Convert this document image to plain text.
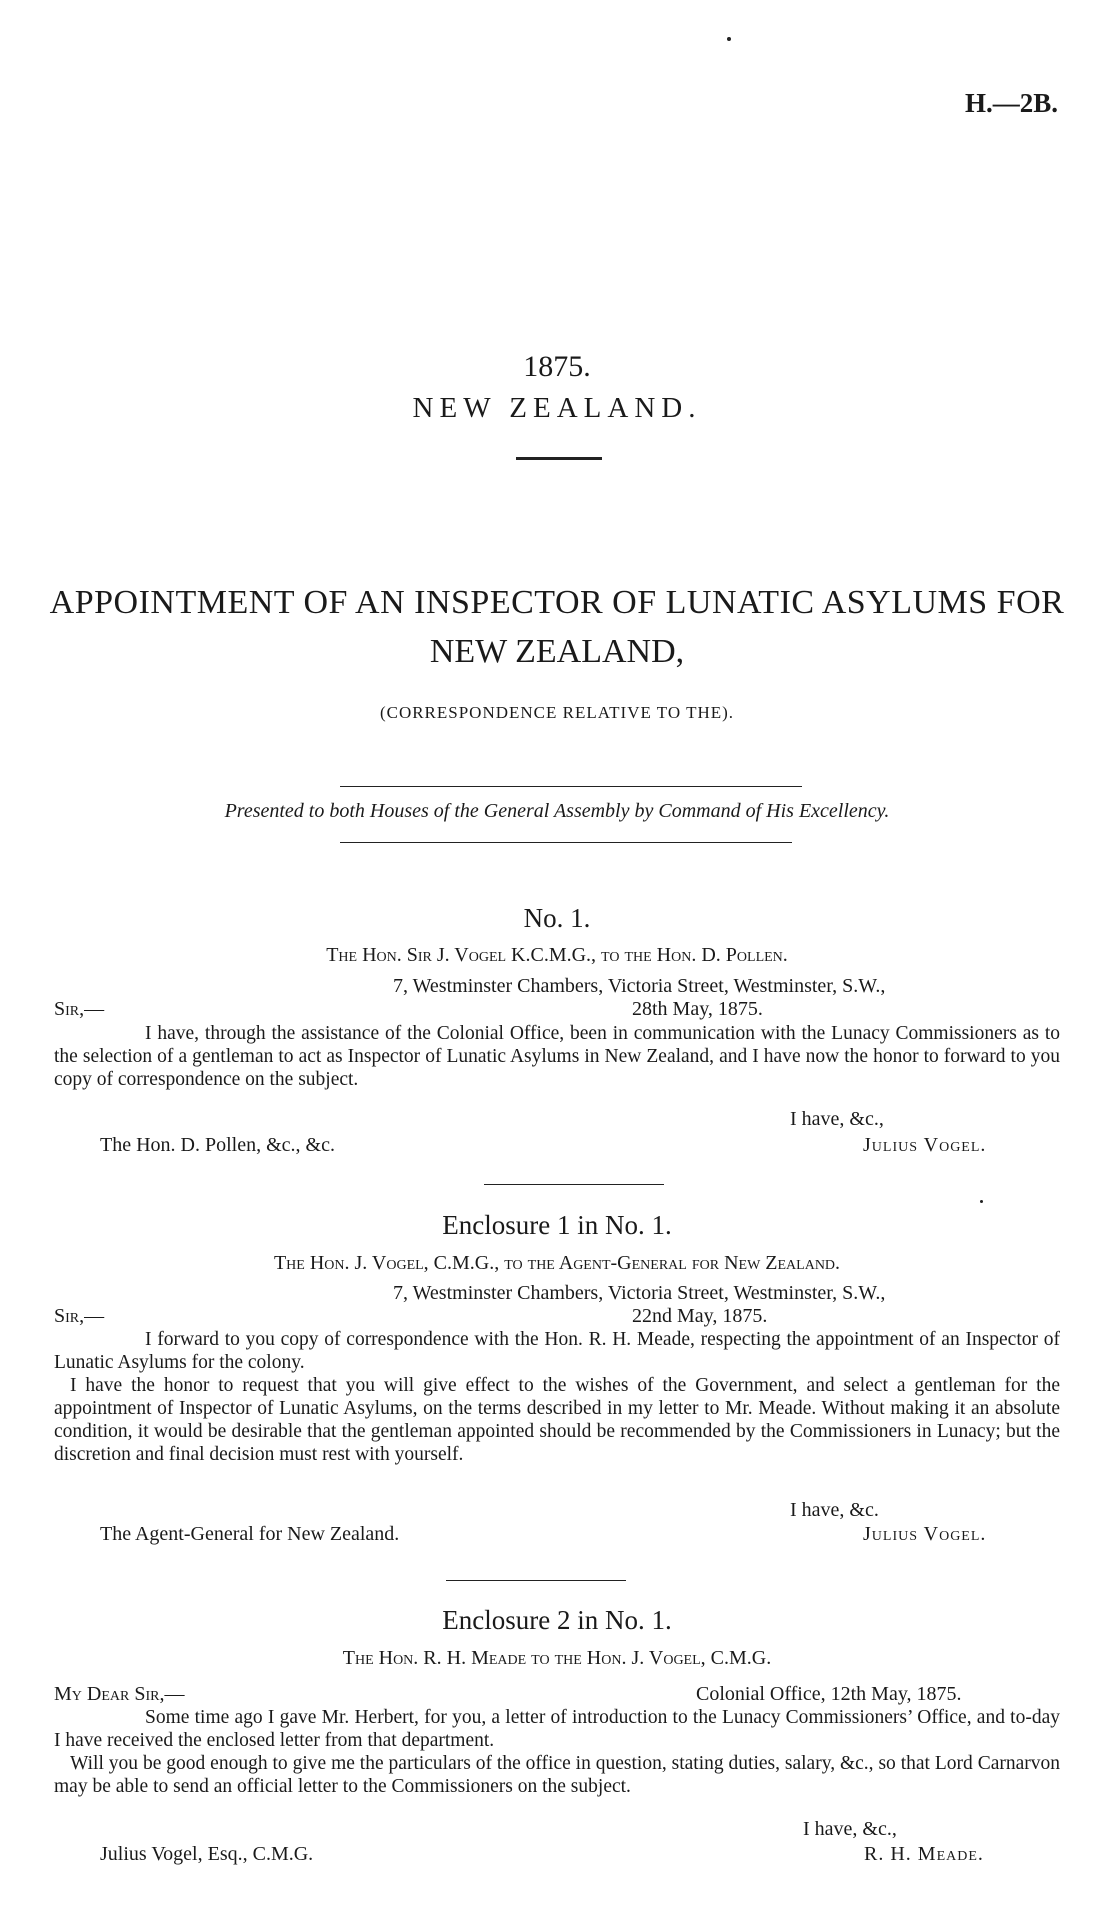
H.—2B.
1875.
NEW ZEALAND.
APPOINTMENT OF AN INSPECTOR OF LUNATIC ASYLUMS FOR
NEW ZEALAND,
(CORRESPONDENCE RELATIVE TO THE).
Presented to both Houses of the General Assembly by Command of His Excellency.
No. 1.
The Hon. Sir J. Vogel K.C.M.G., to the Hon. D. Pollen.
7, Westminster Chambers, Victoria Street, Westminster, S.W.,
Sir,—	28th May, 1875.

I have, through the assistance of the Colonial Office, been in communication with the Lunacy Commissioners as to the selection of a gentleman to act as Inspector of Lunatic Asylums in New Zealand, and I have now the honor to forward to you copy of correspondence on the subject.

I have, &c.,
The Hon. D. Pollen, &c., &c.	Julius Vogel.
Enclosure 1 in No. 1.
The Hon. J. Vogel, C.M.G., to the Agent-General for New Zealand.
7, Westminster Chambers, Victoria Street, Westminster, S.W.,
Sir,—	22nd May, 1875.

I forward to you copy of correspondence with the Hon. R. H. Meade, respecting the appointment of an Inspector of Lunatic Asylums for the colony.

I have the honor to request that you will give effect to the wishes of the Government, and select a gentleman for the appointment of Inspector of Lunatic Asylums, on the terms described in my letter to Mr. Meade. Without making it an absolute condition, it would be desirable that the gentleman appointed should be recommended by the Commissioners in Lunacy; but the discretion and final decision must rest with yourself.

I have, &c.
The Agent-General for New Zealand.	Julius Vogel.
Enclosure 2 in No. 1.
The Hon. R. H. Meade to the Hon. J. Vogel, C.M.G.
My Dear Sir,—	Colonial Office, 12th May, 1875.

Some time ago I gave Mr. Herbert, for you, a letter of introduction to the Lunacy Commissioners’ Office, and to-day I have received the enclosed letter from that department.

Will you be good enough to give me the particulars of the office in question, stating duties, salary, &c., so that Lord Carnarvon may be able to send an official letter to the Commissioners on the subject.

I have, &c.,
Julius Vogel, Esq., C.M.G.	R. H. Meade.
